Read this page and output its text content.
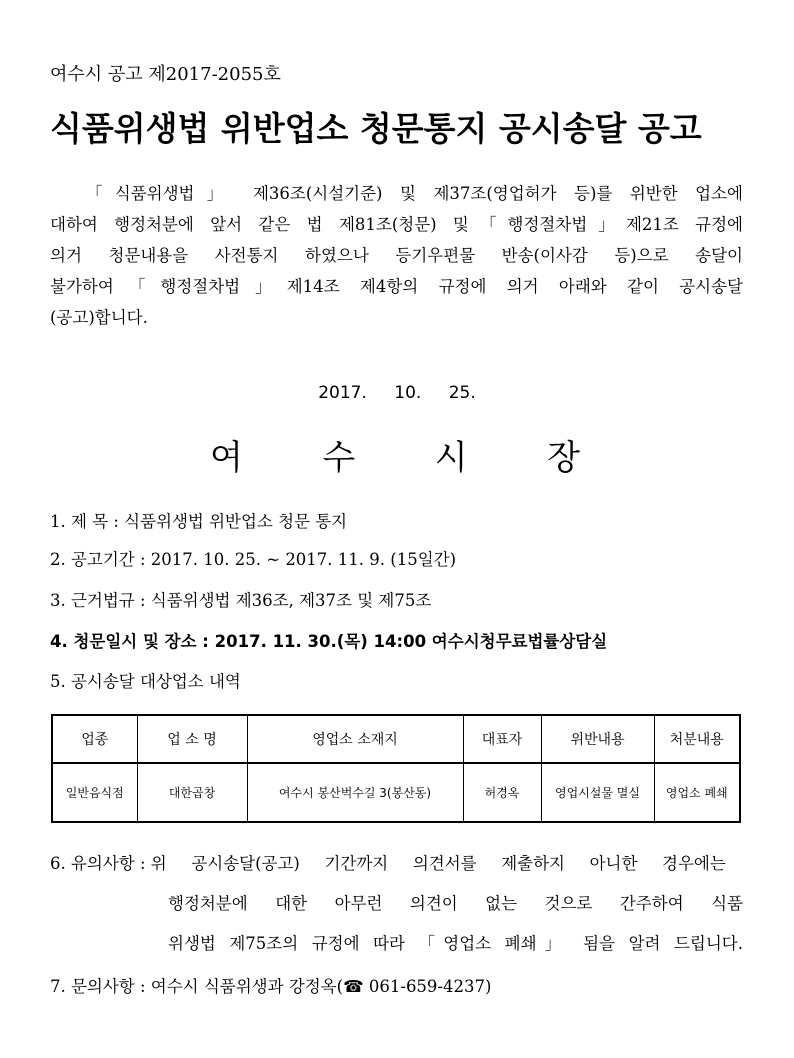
여수시 공고 제2017-2055호
식품위생법 위반업소 청문통지 공시송달 공고
「식품위생법」 제36조(시설기준) 및 제37조(영업허가 등)를 위반한 업소에
대하여 행정처분에 앞서 같은 법 제81조(청문) 및「행정절차법」제21조 규정에
의거 청문내용을 사전통지 하였으나 등기우편물 반송(이사감 등)으로 송달이
불가하여「행정절차법」제14조 제4항의 규정에 의거 아래와 같이 공시송달
(공고)합니다.
2017. 10. 25.
여 수 시 장
1. 제 목 : 식품위생법 위반업소 청문 통지
2. 공고기간 : 2017. 10. 25. ~ 2017. 11. 9. (15일간)
3. 근거법규 : 식품위생법 제36조, 제37조 및 제75조
4. 청문일시 및 장소 : 2017. 11. 30.(목) 14:00 여수시청무료법률상담실
5. 공시송달 대상업소 내역
업종	업 소 명	영업소 소재지	대표자	위반내용	처분내용
일반음식점	대한곱창	여수시 봉산벅수길 3(봉산동)	허경옥	영업시설물 멸실	영업소 폐쇄
6. 유의사항 : 위 공시송달(공고) 기간까지 의견서를 제출하지 아니한 경우에는
행정처분에 대한 아무런 의견이 없는 것으로 간주하여 식품
위생법 제75조의 규정에 따라 「영업소 폐쇄」 됨을 알려 드립니다.
7. 문의사항 : 여수시 식품위생과 강정옥(☎ 061-659-4237)
